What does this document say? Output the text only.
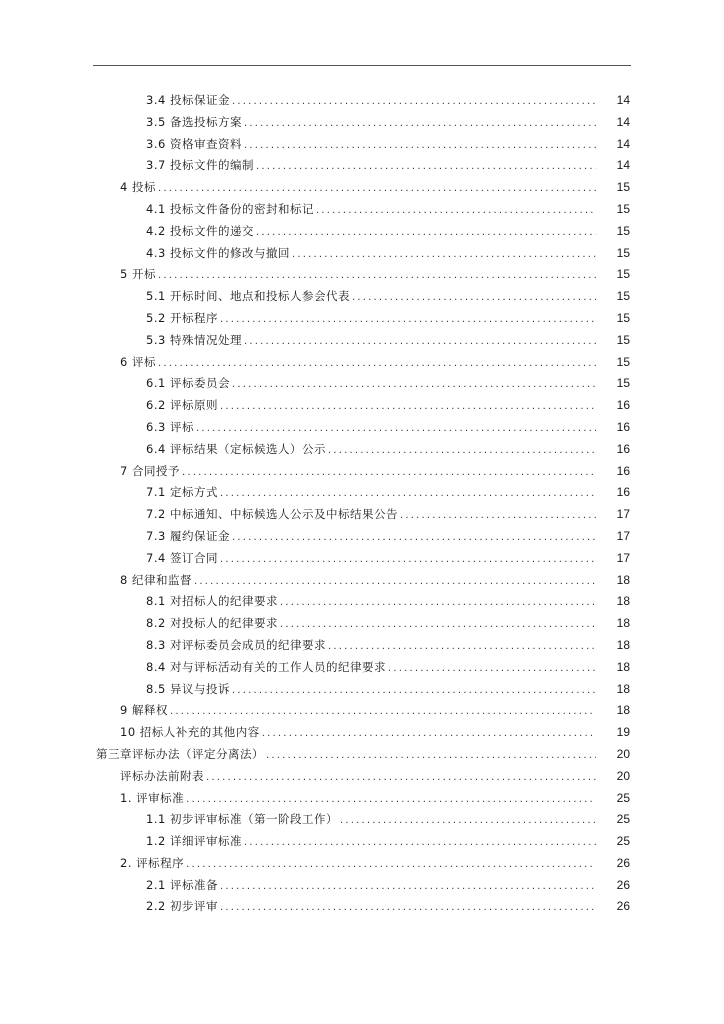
3.4 投标保证金 .....	14
3.5 备选投标方案 .....	14
3.6 资格审查资料 .....	14
3.7 投标文件的编制 .....	14
4 投标 .....	15
4.1 投标文件备份的密封和标记 .....	15
4.2 投标文件的递交 .....	15
4.3 投标文件的修改与撤回 .....	15
5 开标 .....	15
5.1 开标时间、地点和投标人参会代表 .....	15
5.2 开标程序 .....	15
5.3 特殊情况处理 .....	15
6 评标 .....	15
6.1 评标委员会 .....	15
6.2 评标原则 .....	16
6.3 评标 .....	16
6.4 评标结果（定标候选人）公示 .....	16
7 合同授予 .....	16
7.1 定标方式 .....	16
7.2 中标通知、中标候选人公示及中标结果公告 .....	17
7.3 履约保证金 .....	17
7.4 签订合同 .....	17
8 纪律和监督 .....	18
8.1 对招标人的纪律要求 .....	18
8.2 对投标人的纪律要求 .....	18
8.3 对评标委员会成员的纪律要求 .....	18
8.4 对与评标活动有关的工作人员的纪律要求 .....	18
8.5 异议与投诉 .....	18
9 解释权 .....	18
10 招标人补充的其他内容 .....	19
第三章评标办法（评定分离法） .....	20
评标办法前附表 .....	20
1. 评审标准 .....	25
1.1 初步评审标准（第一阶段工作） .....	25
1.2 详细评审标准 .....	25
2. 评标程序 .....	26
2.1 评标准备 .....	26
2.2 初步评审 .....	26
